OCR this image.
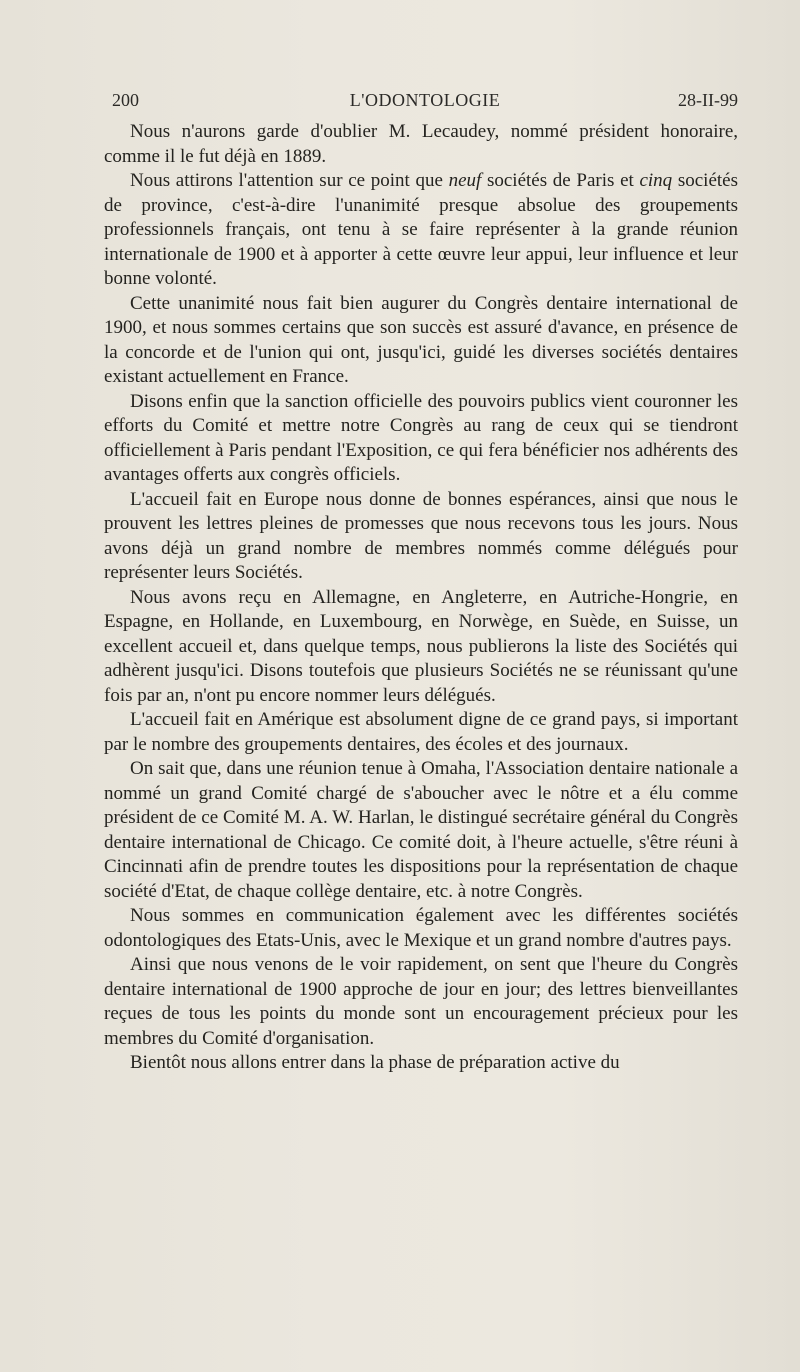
200	L'ODONTOLOGIE	28-II-99

Nous n'aurons garde d'oublier M. Lecaudey, nommé président honoraire, comme il le fut déjà en 1889.

Nous attirons l'attention sur ce point que neuf sociétés de Paris et cinq sociétés de province, c'est-à-dire l'unanimité presque absolue des groupements professionnels français, ont tenu à se faire représenter à la grande réunion internationale de 1900 et à apporter à cette œuvre leur appui, leur influence et leur bonne volonté.

Cette unanimité nous fait bien augurer du Congrès dentaire international de 1900, et nous sommes certains que son succès est assuré d'avance, en présence de la concorde et de l'union qui ont, jusqu'ici, guidé les diverses sociétés dentaires existant actuellement en France.

Disons enfin que la sanction officielle des pouvoirs publics vient couronner les efforts du Comité et mettre notre Congrès au rang de ceux qui se tiendront officiellement à Paris pendant l'Exposition, ce qui fera bénéficier nos adhérents des avantages offerts aux congrès officiels.

L'accueil fait en Europe nous donne de bonnes espérances, ainsi que nous le prouvent les lettres pleines de promesses que nous recevons tous les jours. Nous avons déjà un grand nombre de membres nommés comme délégués pour représenter leurs Sociétés.

Nous avons reçu en Allemagne, en Angleterre, en Autriche-Hongrie, en Espagne, en Hollande, en Luxembourg, en Norwège, en Suède, en Suisse, un excellent accueil et, dans quelque temps, nous publierons la liste des Sociétés qui adhèrent jusqu'ici. Disons toutefois que plusieurs Sociétés ne se réunissant qu'une fois par an, n'ont pu encore nommer leurs délégués.

L'accueil fait en Amérique est absolument digne de ce grand pays, si important par le nombre des groupements dentaires, des écoles et des journaux.

On sait que, dans une réunion tenue à Omaha, l'Association dentaire nationale a nommé un grand Comité chargé de s'aboucher avec le nôtre et a élu comme président de ce Comité M. A. W. Harlan, le distingué secrétaire général du Congrès dentaire international de Chicago. Ce comité doit, à l'heure actuelle, s'être réuni à Cincinnati afin de prendre toutes les dispositions pour la représentation de chaque société d'Etat, de chaque collège dentaire, etc. à notre Congrès.

Nous sommes en communication également avec les différentes sociétés odontologiques des Etats-Unis, avec le Mexique et un grand nombre d'autres pays.

Ainsi que nous venons de le voir rapidement, on sent que l'heure du Congrès dentaire international de 1900 approche de jour en jour; des lettres bienveillantes reçues de tous les points du monde sont un encouragement précieux pour les membres du Comité d'organisation.

Bientôt nous allons entrer dans la phase de préparation active du
